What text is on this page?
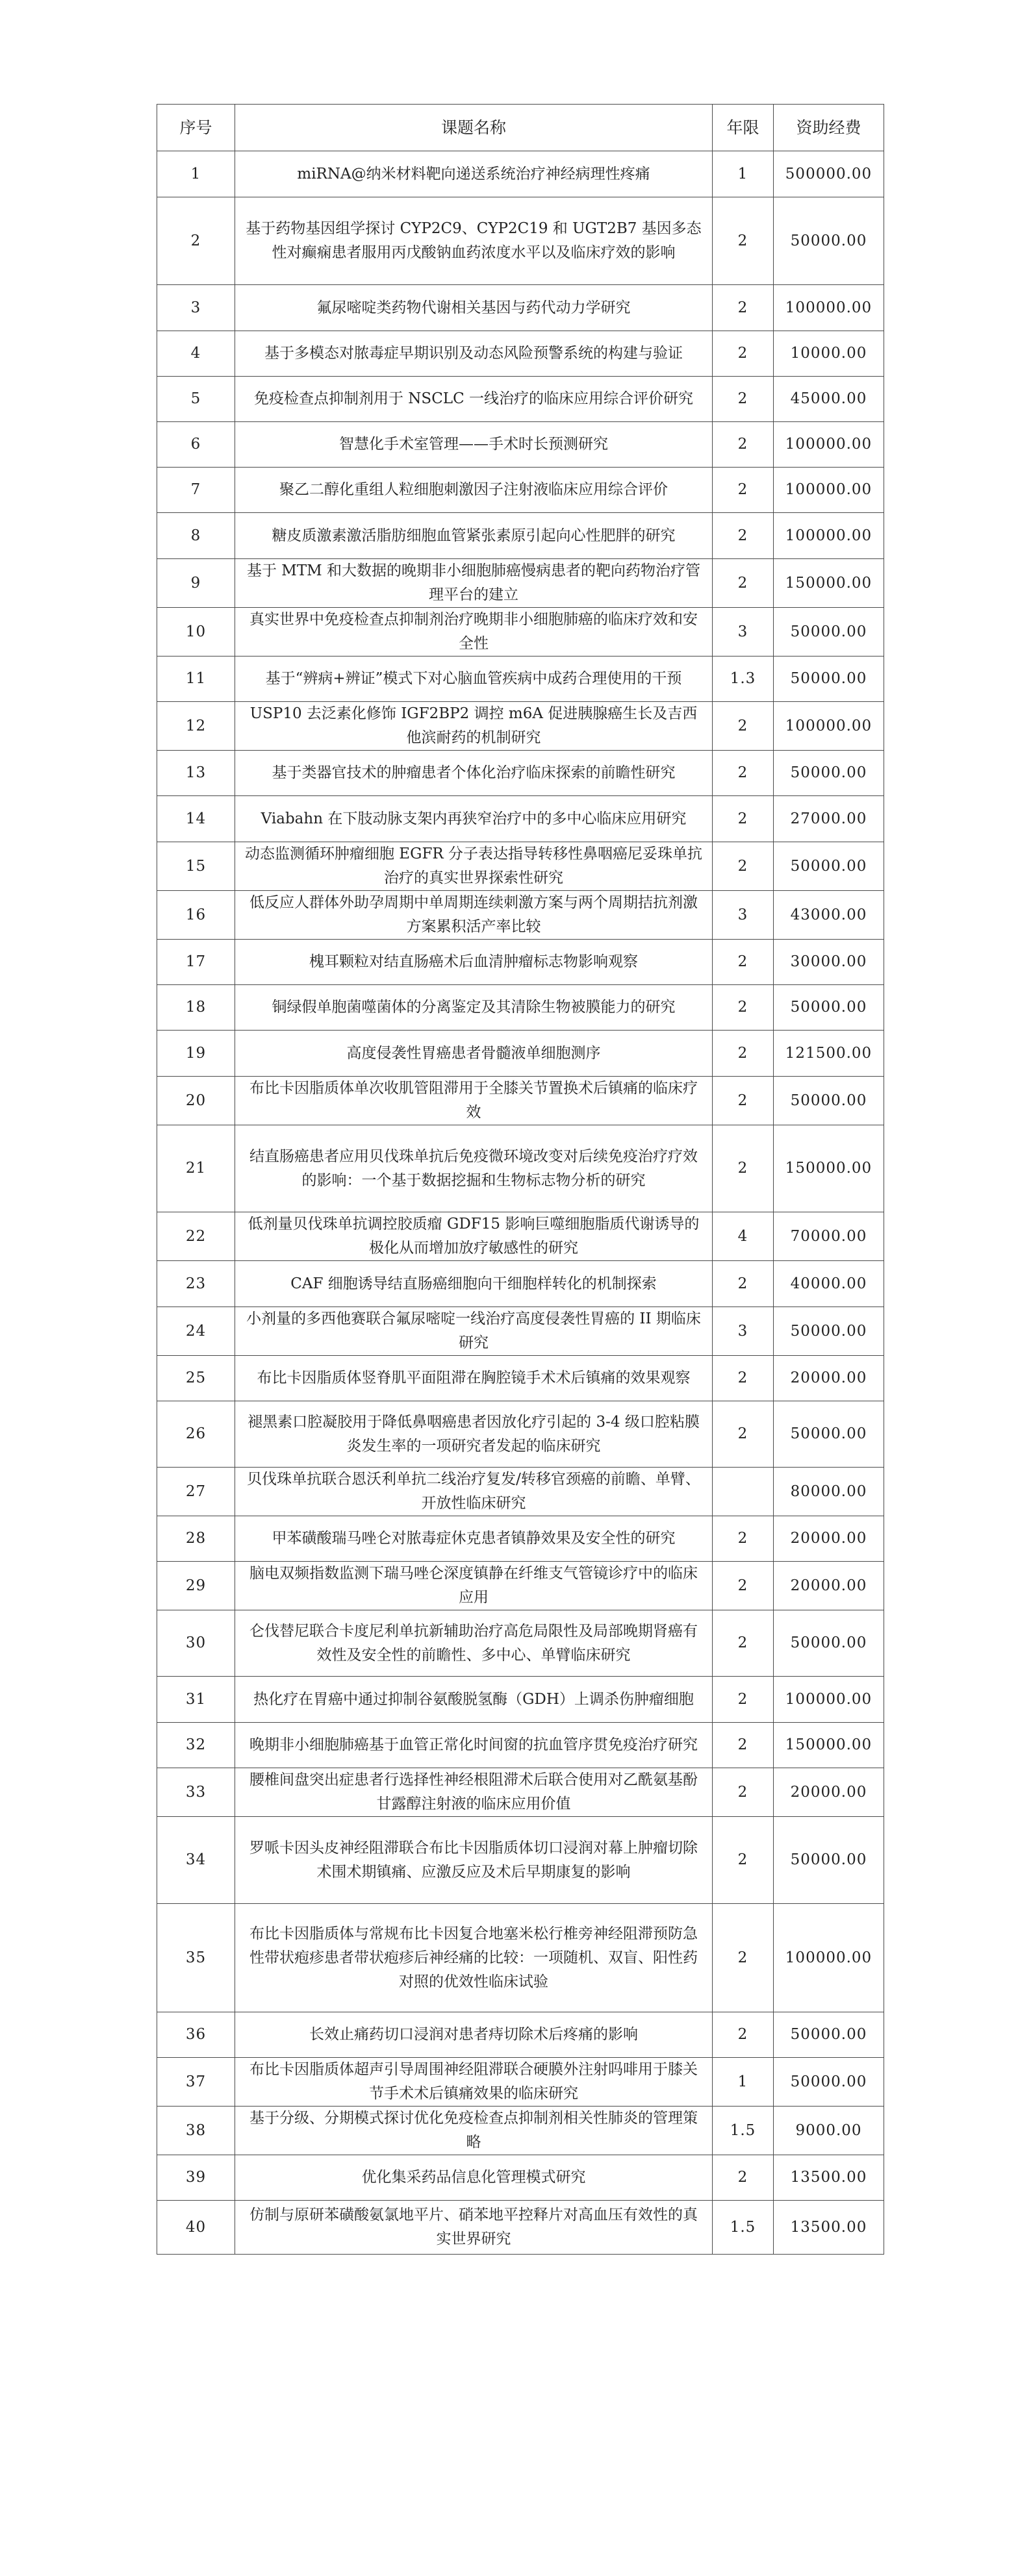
序号	课题名称	年限	资助经费
1	miRNA@纳米材料靶向递送系统治疗神经病理性疼痛	1	500000.00
2	基于药物基因组学探讨 CYP2C9、CYP2C19 和 UGT2B7 基因多态性对癫痫患者服用丙戊酸钠血药浓度水平以及临床疗效的影响	2	50000.00
3	氟尿嘧啶类药物代谢相关基因与药代动力学研究	2	100000.00
4	基于多模态对脓毒症早期识别及动态风险预警系统的构建与验证	2	10000.00
5	免疫检查点抑制剂用于 NSCLC 一线治疗的临床应用综合评价研究	2	45000.00
6	智慧化手术室管理——手术时长预测研究	2	100000.00
7	聚乙二醇化重组人粒细胞刺激因子注射液临床应用综合评价	2	100000.00
8	糖皮质激素激活脂肪细胞血管紧张素原引起向心性肥胖的研究	2	100000.00
9	基于 MTM 和大数据的晚期非小细胞肺癌慢病患者的靶向药物治疗管理平台的建立	2	150000.00
10	真实世界中免疫检查点抑制剂治疗晚期非小细胞肺癌的临床疗效和安全性	3	50000.00
11	基于“辨病+辨证”模式下对心脑血管疾病中成药合理使用的干预	1.3	50000.00
12	USP10 去泛素化修饰 IGF2BP2 调控 m6A 促进胰腺癌生长及吉西他滨耐药的机制研究	2	100000.00
13	基于类器官技术的肿瘤患者个体化治疗临床探索的前瞻性研究	2	50000.00
14	Viabahn 在下肢动脉支架内再狭窄治疗中的多中心临床应用研究	2	27000.00
15	动态监测循环肿瘤细胞 EGFR 分子表达指导转移性鼻咽癌尼妥珠单抗治疗的真实世界探索性研究	2	50000.00
16	低反应人群体外助孕周期中单周期连续刺激方案与两个周期拮抗剂激方案累积活产率比较	3	43000.00
17	槐耳颗粒对结直肠癌术后血清肿瘤标志物影响观察	2	30000.00
18	铜绿假单胞菌噬菌体的分离鉴定及其清除生物被膜能力的研究	2	50000.00
19	高度侵袭性胃癌患者骨髓液单细胞测序	2	121500.00
20	布比卡因脂质体单次收肌管阻滞用于全膝关节置换术后镇痛的临床疗效	2	50000.00
21	结直肠癌患者应用贝伐珠单抗后免疫微环境改变对后续免疫治疗疗效的影响：一个基于数据挖掘和生物标志物分析的研究	2	150000.00
22	低剂量贝伐珠单抗调控胶质瘤 GDF15 影响巨噬细胞脂质代谢诱导的极化从而增加放疗敏感性的研究	4	70000.00
23	CAF 细胞诱导结直肠癌细胞向干细胞样转化的机制探索	2	40000.00
24	小剂量的多西他赛联合氟尿嘧啶一线治疗高度侵袭性胃癌的 II 期临床研究	3	50000.00
25	布比卡因脂质体竖脊肌平面阻滞在胸腔镜手术术后镇痛的效果观察	2	20000.00
26	褪黑素口腔凝胶用于降低鼻咽癌患者因放化疗引起的 3-4 级口腔粘膜炎发生率的一项研究者发起的临床研究	2	50000.00
27	贝伐珠单抗联合恩沃利单抗二线治疗复发/转移官颈癌的前瞻、单臂、开放性临床研究		80000.00
28	甲苯磺酸瑞马唑仑对脓毒症休克患者镇静效果及安全性的研究	2	20000.00
29	脑电双频指数监测下瑞马唑仑深度镇静在纤维支气管镜诊疗中的临床应用	2	20000.00
30	仑伐替尼联合卡度尼利单抗新辅助治疗高危局限性及局部晚期肾癌有效性及安全性的前瞻性、多中心、单臂临床研究	2	50000.00
31	热化疗在胃癌中通过抑制谷氨酸脱氢酶（GDH）上调杀伤肿瘤细胞	2	100000.00
32	晚期非小细胞肺癌基于血管正常化时间窗的抗血管序贯免疫治疗研究	2	150000.00
33	腰椎间盘突出症患者行选择性神经根阻滞术后联合使用对乙酰氨基酚甘露醇注射液的临床应用价值	2	20000.00
34	罗哌卡因头皮神经阻滞联合布比卡因脂质体切口浸润对幕上肿瘤切除术围术期镇痛、应激反应及术后早期康复的影响	2	50000.00
35	布比卡因脂质体与常规布比卡因复合地塞米松行椎旁神经阻滞预防急性带状疱疹患者带状疱疹后神经痛的比较：一项随机、双盲、阳性药对照的优效性临床试验	2	100000.00
36	长效止痛药切口浸润对患者痔切除术后疼痛的影响	2	50000.00
37	布比卡因脂质体超声引导周围神经阻滞联合硬膜外注射吗啡用于膝关节手术术后镇痛效果的临床研究	1	50000.00
38	基于分级、分期模式探讨优化免疫检查点抑制剂相关性肺炎的管理策略	1.5	9000.00
39	优化集采药品信息化管理模式研究	2	13500.00
40	仿制与原研苯磺酸氨氯地平片、硝苯地平控释片对高血压有效性的真实世界研究	1.5	13500.00
